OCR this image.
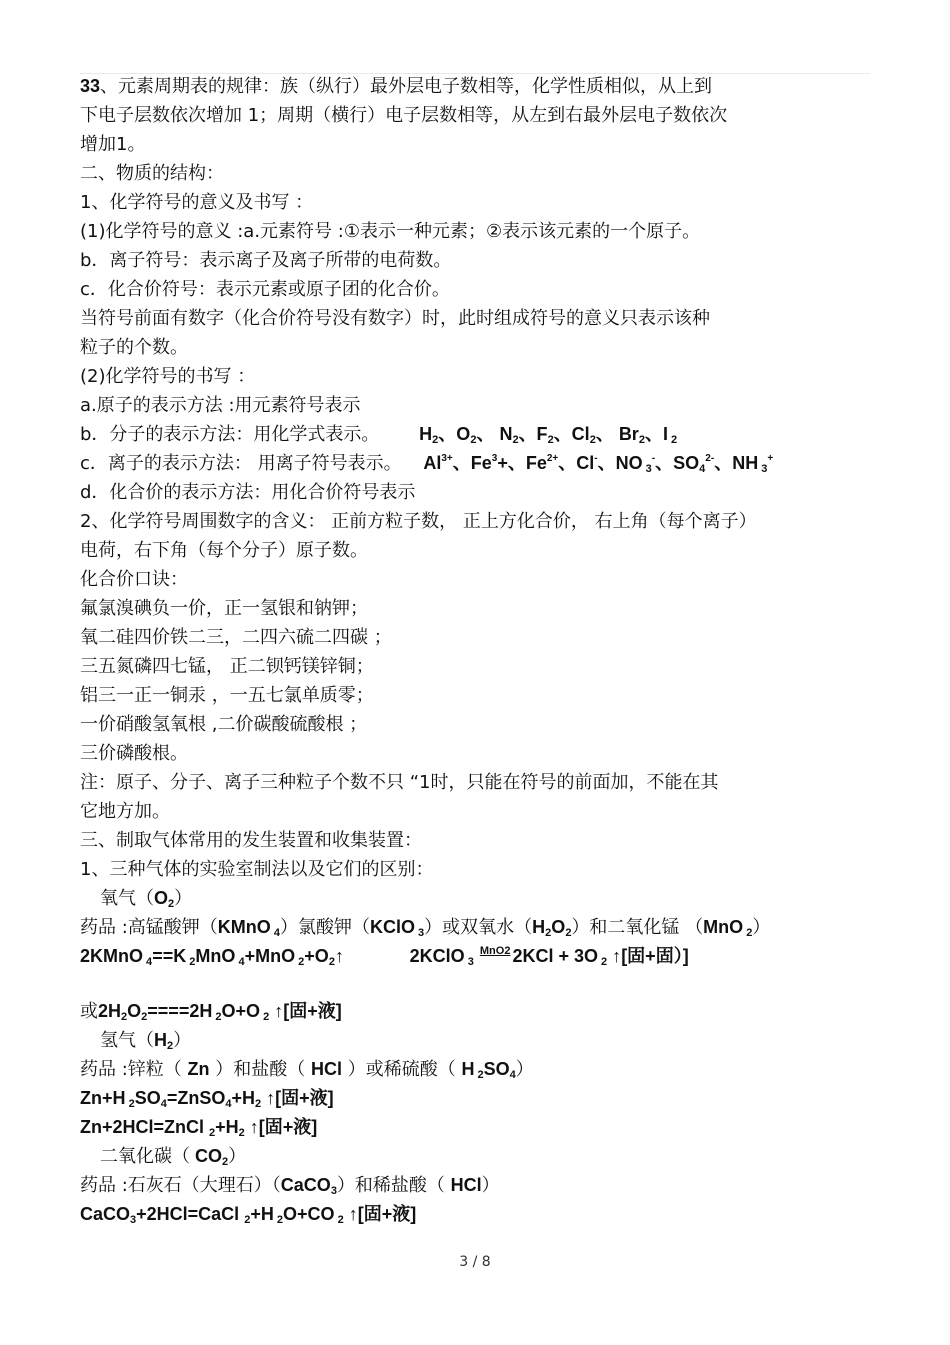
33、元素周期表的规律：族（纵行）最外层电子数相等，化学性质相似，从上到
下电子层数依次增加 1；周期（横行）电子层数相等，从左到右最外层电子数依次
增加1。
二、物质的结构：
1、化学符号的意义及书写 ：
(1)化学符号的意义 :a.元素符号 :①表示一种元素；②表示该元素的一个原子。
b．离子符号：表示离子及离子所带的电荷数。
c．化合价符号：表示元素或原子团的化合价。
当符号前面有数字（化合价符号没有数字）时，此时组成符号的意义只表示该种
粒子的个数。
(2)化学符号的书写 ：
a.原子的表示方法 :用元素符号表示
b．分子的表示方法：用化学式表示。 $H_2$、$O_2$、 $N_2$、$F_2$、$Cl_2$、 $Br_2$、I $_2$
c．离子的表示方法： 用离子符号表示。 $Al^{3+}$、$Fe^3+$、$Fe^{2+}$、Cl-、NO $_3$-、$SO_4^{2-}$、NH $_3$+
d．化合价的表示方法：用化合价符号表示
2、化学符号周围数字的含义： 正前方粒子数， 正上方化合价， 右上角（每个离子）
电荷，右下角（每个分子）原子数。
化合价口诀：
氟氯溴碘负一价，正一氢银和钠钾；
氧二硅四价铁二三，二四六硫二四碳 ；
三五氮磷四七锰， 正二钡钙镁锌铜；
铝三一正一铜汞 ，一五七氯单质零；
一价硝酸氢氧根 ,二价碳酸硫酸根 ；
三价磷酸根。
注：原子、分子、离子三种粒子个数不只 “1时，只能在符号的前面加，不能在其
它地方加。
三、制取气体常用的发生装置和收集装置：
1、三种气体的实验室制法以及它们的区别：
氧气$(O_2)$
药品 :高锰酸钾（KMnO $_4$）氯酸钾（KClO $_3$）或双氧水$(H_2O_2)$和二氧化锰 （MnO $_2$）
2KMnO $_4$==K $_2$MnO $_4$+MnO $_2+O_2↑$	2KClO $_3$MnO2 2KCl + 3O $_2$ ↑[固+固）]
或$2H_2O_2====2H$ $_2$O+O $_2$ ↑[固+液]
氢气$(H_2)$
药品 :锌粒（ Zn ）和盐酸（ HCl ）或稀硫酸（ H $_2SO_4$）
Zn+H $_2SO_4=ZnSO_4+H_2$ ↑[固+液]
Zn+2HCl=ZnCl $_2+H_2$ ↑[固+液]
二氧化碳（ $CO_2$）
药品 :石灰石（大理石）（CaCO$_3$）和稀盐酸（ HCl）
CaCO$_3$+2HCl=CaCl $_2$+H $_2$O+CO $_2$ ↑[固+液]
3 / 8
